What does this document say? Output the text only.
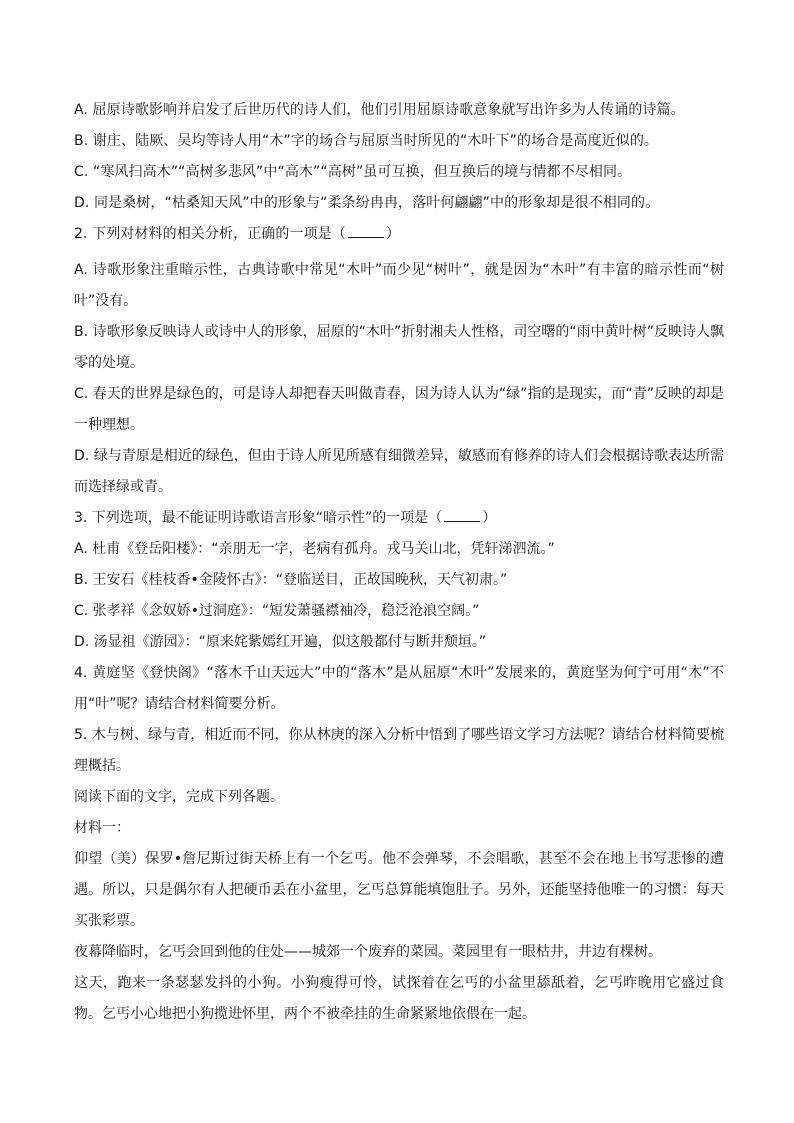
A. 屈原诗歌影响并启发了后世历代的诗人们，他们引用屈原诗歌意象就写出许多为人传诵的诗篇。
B. 谢庄、陆厥、吴均等诗人用“木”字的场合与屈原当时所见的“木叶下”的场合是高度近似的。
C. “寒风扫高木”“高树多悲风”中“高木”“高树”虽可互换，但互换后的境与情都不尽相同。
D. 同是桑树，“枯桑知天风”中的形象与“柔条纷冉冉，落叶何翩翩”中的形象却是很不相同的。
2. 下列对材料的相关分析，正确的一项是（	）
A. 诗歌形象注重暗示性，古典诗歌中常见“木叶”而少见“树叶”，就是因为“木叶”有丰富的暗示性而“树叶”没有。
B. 诗歌形象反映诗人或诗中人的形象，屈原的“木叶”折射湘夫人性格，司空曙的“雨中黄叶树”反映诗人飘零的处境。
C. 春天的世界是绿色的，可是诗人却把春天叫做青春，因为诗人认为“绿”指的是现实，而“青”反映的却是一种理想。
D. 绿与青原是相近的绿色，但由于诗人所见所感有细微差异，敏感而有修养的诗人们会根据诗歌表达所需而选择绿或青。
3. 下列选项，最不能证明诗歌语言形象“暗示性”的一项是（	）
A. 杜甫《登岳阳楼》：“亲朋无一字，老病有孤舟。戎马关山北，凭轩涕泗流。”
B. 王安石《桂枝香•金陵怀古》：“登临送目，正故国晚秋，天气初肃。”
C. 张孝祥《念奴娇•过洞庭》：“短发萧骚襟袖冷，稳泛沧浪空阔。”
D. 汤显祖《游园》：“原来姹紫嫣红开遍，似这般都付与断井颓垣。”
4. 黄庭坚《登快阁》“落木千山天远大”中的“落木”是从屈原“木叶”发展来的，黄庭坚为何宁可用“木”不用“叶”呢？请结合材料简要分析。
5. 木与树、绿与青，相近而不同，你从林庚的深入分析中悟到了哪些语文学习方法呢？请结合材料简要梳理概括。
阅读下面的文字，完成下列各题。
材料一：
仰望（美）保罗•詹尼斯过街天桥上有一个乞丐。他不会弹琴，不会唱歌，甚至不会在地上书写悲惨的遭遇。所以，只是偶尔有人把硬币丢在小盆里，乞丐总算能填饱肚子。另外，还能坚持他唯一的习惯：每天买张彩票。
夜幕降临时，乞丐会回到他的住处——城郊一个废弃的菜园。菜园里有一眼枯井，井边有棵树。
这天，跑来一条瑟瑟发抖的小狗。小狗瘦得可怜，试探着在乞丐的小盆里舔舐着，乞丐昨晚用它盛过食物。乞丐小心地把小狗揽进怀里，两个不被牵挂的生命紧紧地依偎在一起。
